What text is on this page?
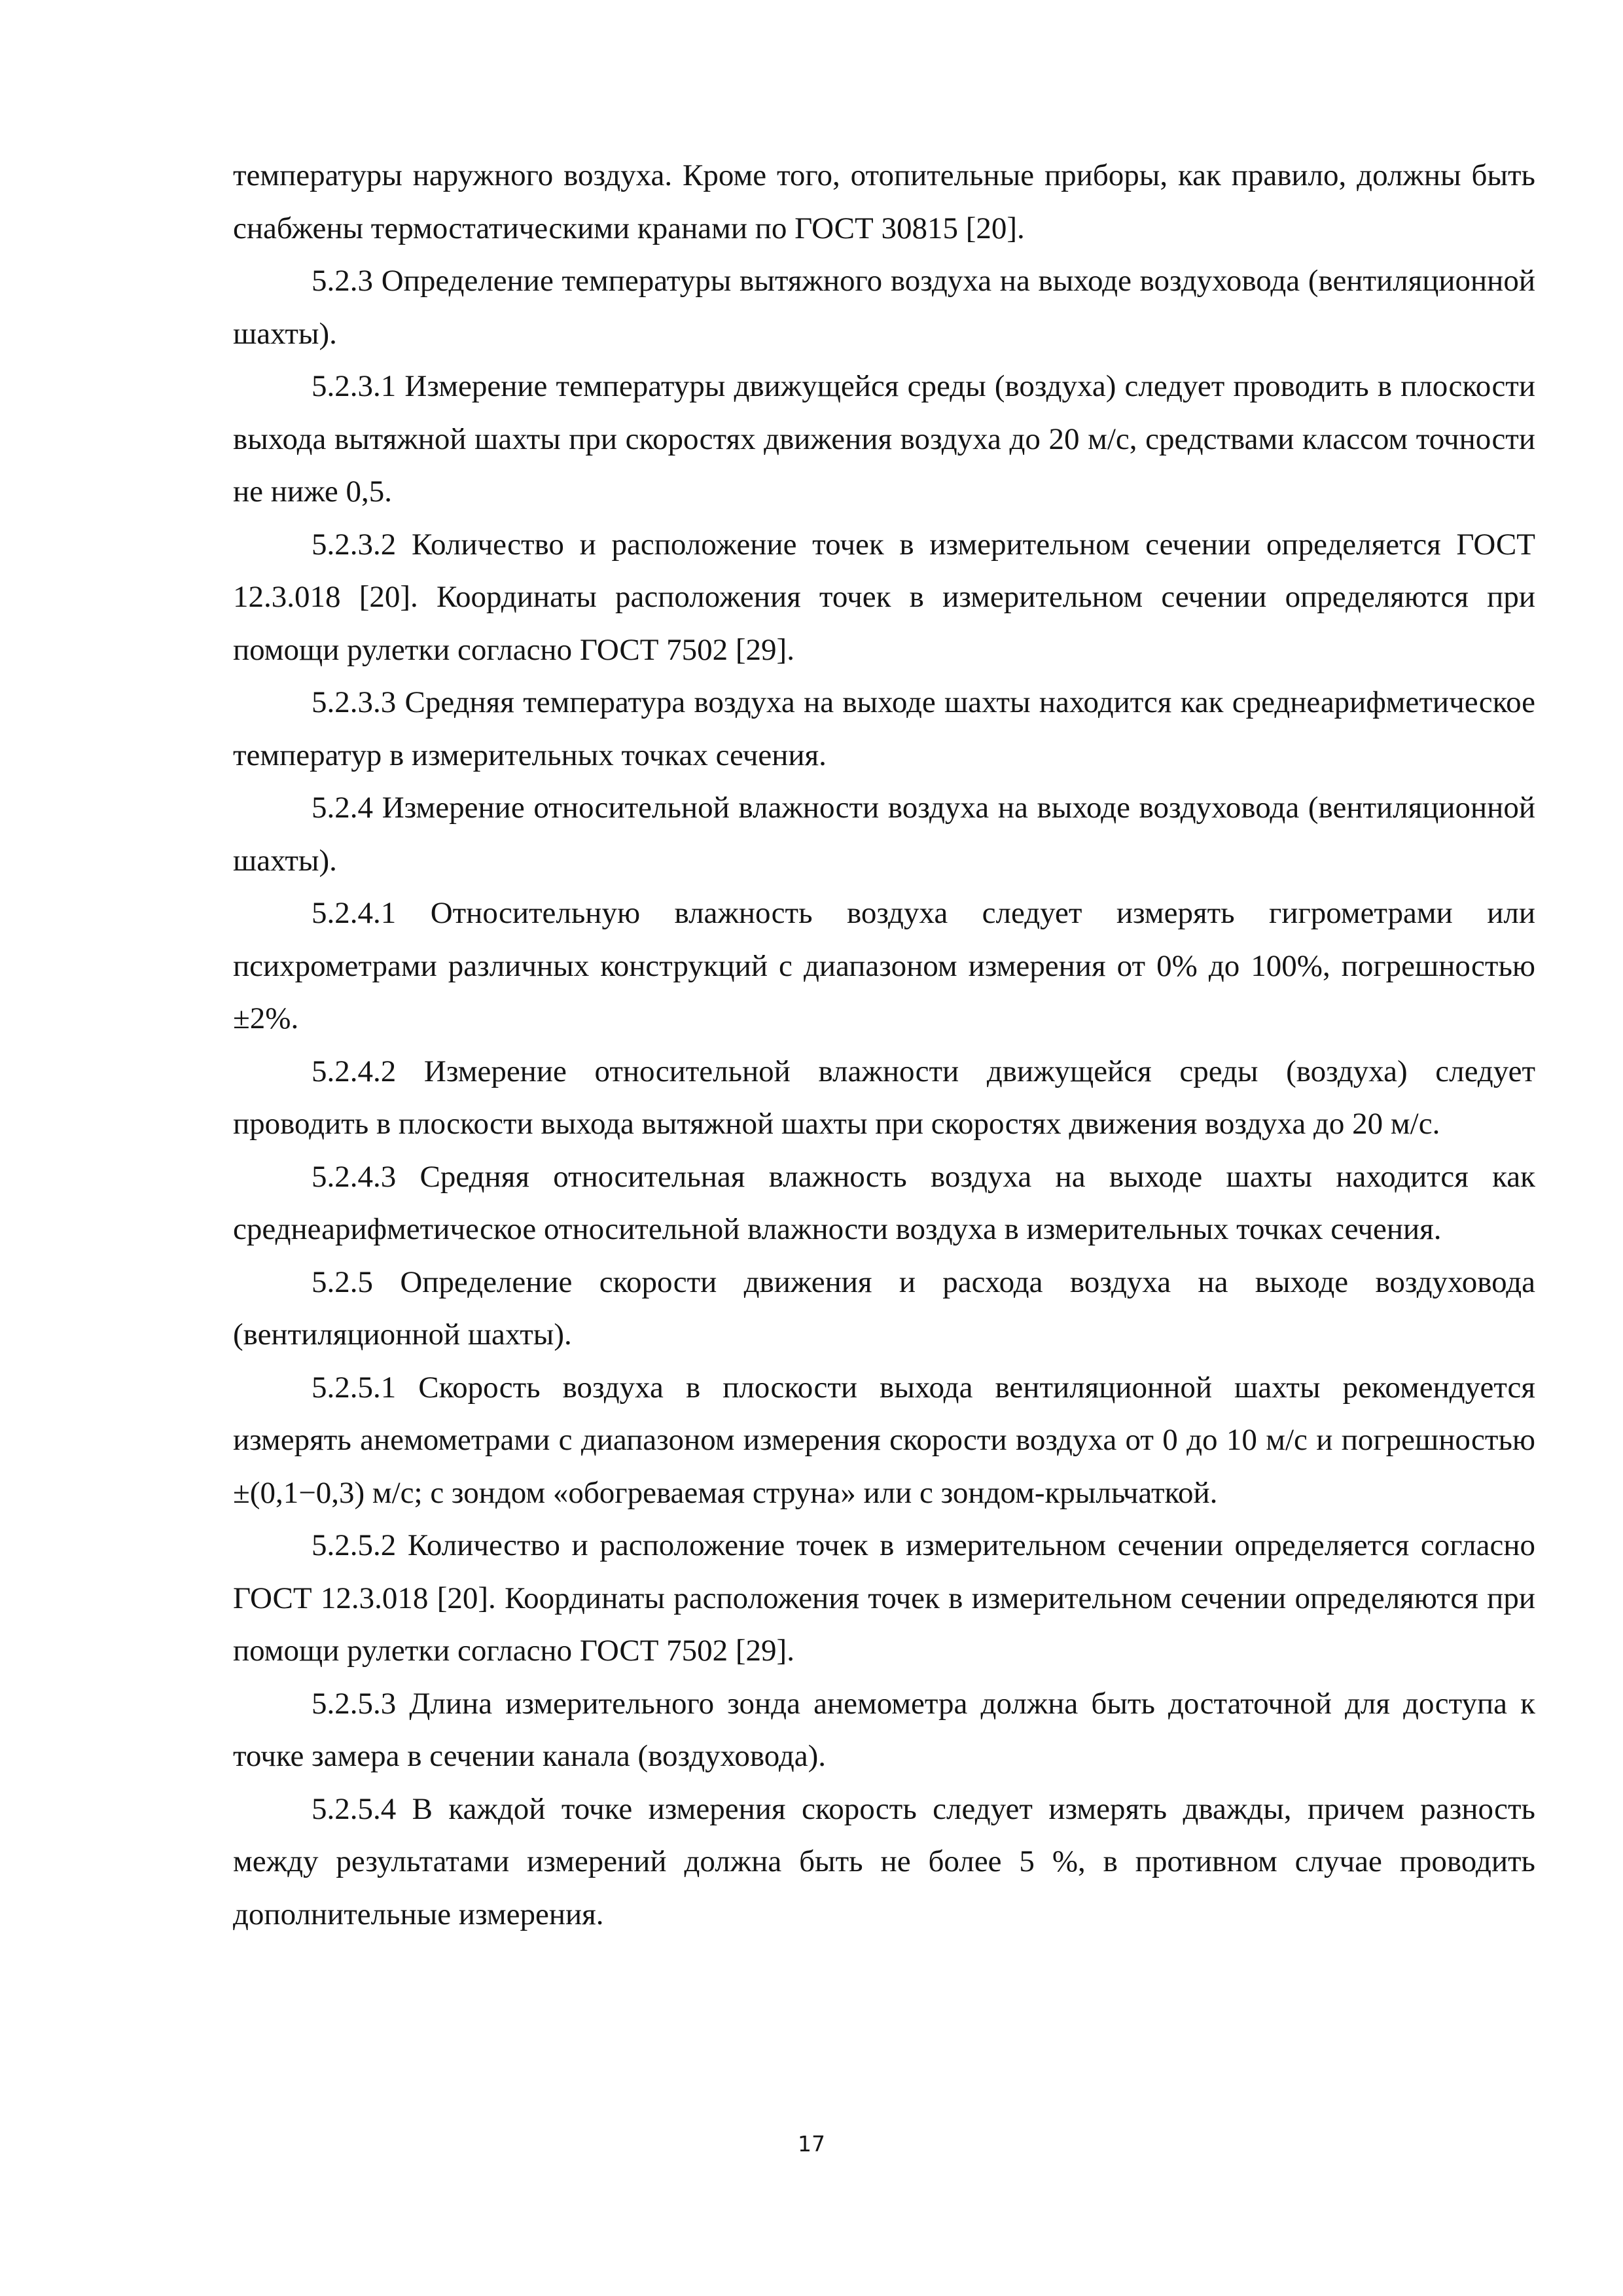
температуры наружного воздуха. Кроме того, отопительные приборы, как правило, должны быть снабжены термостатическими кранами по ГОСТ 30815 [20].

5.2.3 Определение температуры вытяжного воздуха на выходе воздуховода (вентиляционной шахты).

5.2.3.1 Измерение температуры движущейся среды (воздуха) следует проводить в плоскости выхода вытяжной шахты при скоростях движения воздуха до 20 м/с, средствами классом точности не ниже 0,5.

5.2.3.2 Количество и расположение точек в измерительном сечении определяется ГОСТ 12.3.018 [20]. Координаты расположения точек в измерительном сечении определяются при помощи рулетки согласно ГОСТ 7502 [29].

5.2.3.3 Средняя температура воздуха на выходе шахты находится как среднеарифметическое температур в измерительных точках сечения.

5.2.4 Измерение относительной влажности воздуха на выходе воздуховода (вентиляционной шахты).

5.2.4.1 Относительную влажность воздуха следует измерять гигрометрами или психрометрами различных конструкций с диапазоном измерения от 0% до 100%, погрешностью ±2%.

5.2.4.2 Измерение относительной влажности движущейся среды (воздуха) следует проводить в плоскости выхода вытяжной шахты при скоростях движения воздуха до 20 м/с.

5.2.4.3 Средняя относительная влажность воздуха на выходе шахты находится как среднеарифметическое относительной влажности воздуха в измерительных точках сечения.

5.2.5 Определение скорости движения и расхода воздуха на выходе воздуховода (вентиляционной шахты).

5.2.5.1 Скорость воздуха в плоскости выхода вентиляционной шахты рекомендуется измерять анемометрами с диапазоном измерения скорости воздуха от 0 до 10 м/с и погрешностью ±(0,1−0,3) м/с; с зондом «обогреваемая струна» или с зондом-крыльчаткой.

5.2.5.2 Количество и расположение точек в измерительном сечении определяется согласно ГОСТ 12.3.018 [20]. Координаты расположения точек в измерительном сечении определяются при помощи рулетки согласно ГОСТ 7502 [29].

5.2.5.3 Длина измерительного зонда анемометра должна быть достаточной для доступа к точке замера в сечении канала (воздуховода).

5.2.5.4 В каждой точке измерения скорость следует измерять дважды, причем разность между результатами измерений должна быть не более 5 %, в противном случае проводить дополнительные измерения.

17
